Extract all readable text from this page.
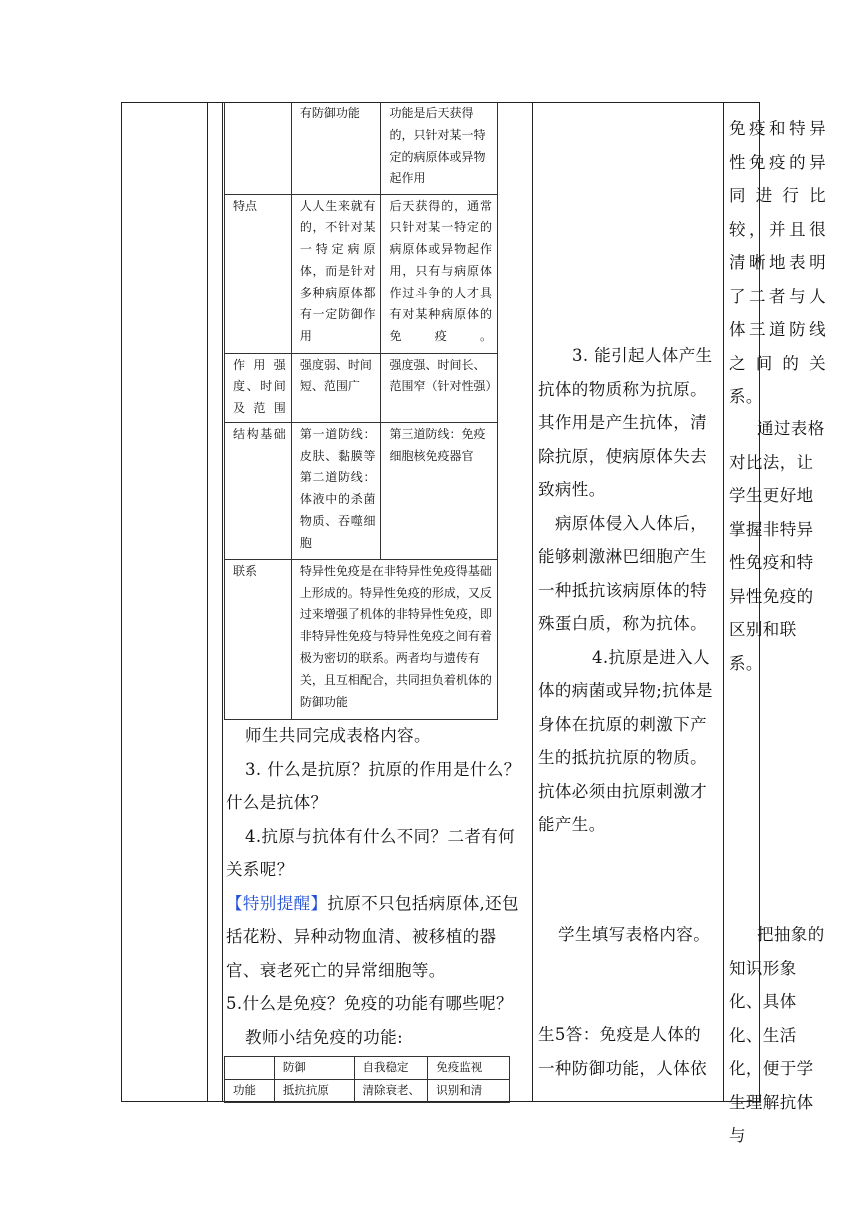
	有防御功能	功能是后天获得的，只针对某一特定的病原体或异物起作用
特点	人人生来就有的，不针对某一特定病原体，而是针对多种病原体都有一定防御作用	后天获得的，通常只针对某一特定的病原体或异物起作用，只有与病原体作过斗争的人才具有对某种病原体的免疫。
作用强度、时间及范围	强度弱、时间短、范围广	强度强、时间长、范围窄（针对性强）
结构基础	第一道防线：皮肤、黏膜等第二道防线：体液中的杀菌物质、吞噬细胞	第三道防线：免疫细胞核免疫器官
联系	特异性免疫是在非特异性免疫得基础上形成的。特异性免疫的形成，又反过来增强了机体的非特异性免疫，即非特异性免疫与特异性免疫之间有着极为密切的联系。两者均与遗传有关，且互相配合，共同担负着机体的防御功能	

师生共同完成表格内容。

3. 什么是抗原？抗原的作用是什么？什么是抗体？

4.抗原与抗体有什么不同？二者有何关系呢？

【特别提醒】抗原不只包括病原体,还包括花粉、异种动物血清、被移植的器官、衰老死亡的异常细胞等。

5.什么是免疫？免疫的功能有哪些呢？

教师小结免疫的功能:

	防御	自我稳定	免疫监视
功能	抵抗抗原	清除衰老、	识别和清

3. 能引起人体产生抗体的物质称为抗原。其作用是产生抗体，清除抗原，使病原体失去致病性。

病原体侵入人体后，能够刺激淋巴细胞产生一种抵抗该病原体的特殊蛋白质，称为抗体。

4.抗原是进入人体的病菌或异物;抗体是身体在抗原的刺激下产生的抵抗抗原的物质。抗体必须由抗原刺激才能产生。

学生填写表格内容。
生5答：免疫是人体的一种防御功能，人体依
免疫和特异性免疫的异同进行比较，并且很清晰地表明了二者与人体三道防线之间的关系。
通过表格对比法，让学生更好地掌握非特异性免疫和特异性免疫的区别和联系。
把抽象的知识形象化、具体化、生活化，便于学生理解抗体与
